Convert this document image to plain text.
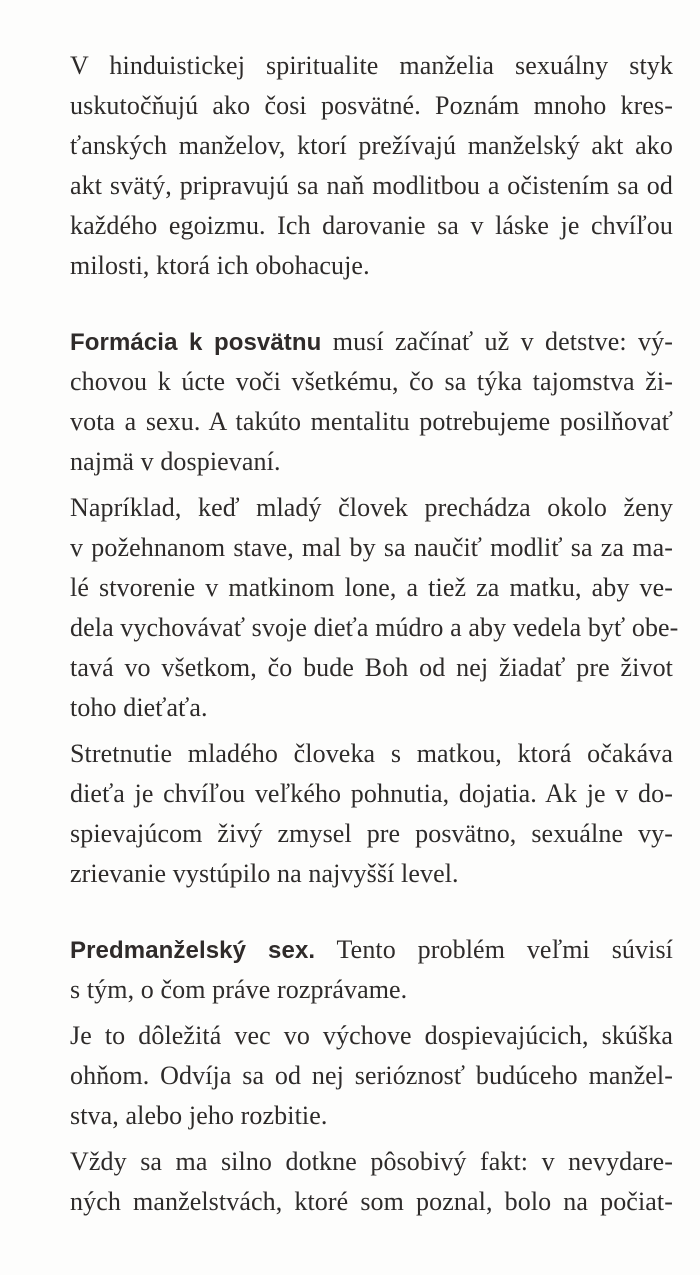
V hinduistickej spiritualite manželia sexuálny styk
uskutočňujú ako čosi posvätné. Poznám mnoho kres-
ťanských manželov, ktorí prežívajú manželský akt ako
akt svätý, pripravujú sa naň modlitbou a očistením sa od
každého egoizmu. Ich darovanie sa v láske je chvíľou
milosti, ktorá ich obohacuje.
Formácia k posvätnu musí začínať už v detstve: vý-
chovou k úcte voči všetkému, čo sa týka tajomstva ži-
vota a sexu. A takúto mentalitu potrebujeme posilňovať
najmä v dospievaní.
Napríklad, keď mladý človek prechádza okolo ženy
v požehnanom stave, mal by sa naučiť modliť sa za ma-
lé stvorenie v matkinom lone, a tiež za matku, aby ve-
dela vychovávať svoje dieťa múdro a aby vedela byť obe-
tavá vo všetkom, čo bude Boh od nej žiadať pre život
toho dieťaťa.
Stretnutie mladého človeka s matkou, ktorá očakáva
dieťa je chvíľou veľkého pohnutia, dojatia. Ak je v do-
spievajúcom živý zmysel pre posvätno, sexuálne vy-
zrievanie vystúpilo na najvyšší level.
Predmanželský sex. Tento problém veľmi súvisí
s tým, o čom práve rozprávame.
Je to dôležitá vec vo výchove dospievajúcich, skúška
ohňom. Odvíja sa od nej serióznosť budúceho manžel-
stva, alebo jeho rozbitie.
Vždy sa ma silno dotkne pôsobivý fakt: v nevydare-
ných manželstvách, ktoré som poznal, bolo na počiat-
